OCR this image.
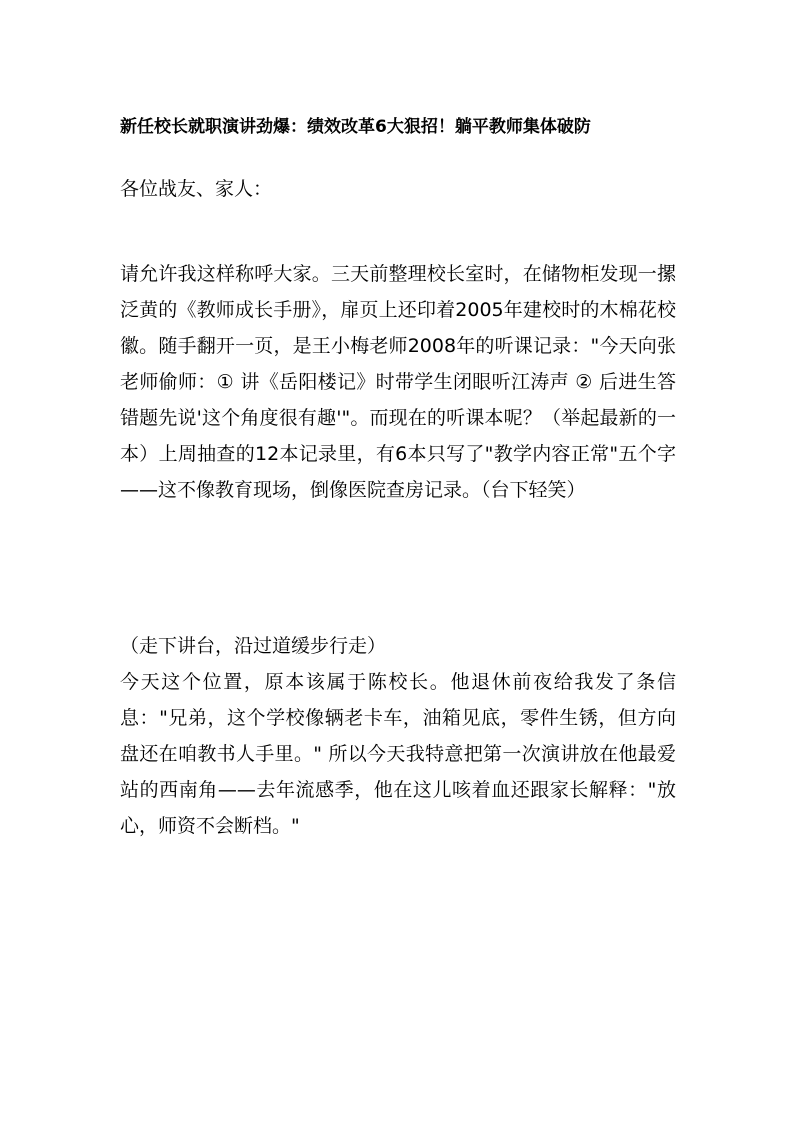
新任校长就职演讲劲爆：绩效改革6大狠招！躺平教师集体破防
各位战友、家人：
请允许我这样称呼大家。三天前整理校长室时，在储物柜发现一摞泛黄的《教师成长手册》，扉页上还印着2005年建校时的木棉花校徽。随手翻开一页，是王小梅老师2008年的听课记录："今天向张老师偷师：① 讲《岳阳楼记》时带学生闭眼听江涛声 ② 后进生答错题先说'这个角度很有趣'"。而现在的听课本呢？（举起最新的一本）上周抽查的12本记录里，有6本只写了"教学内容正常"五个字——这不像教育现场，倒像医院查房记录。（台下轻笑）
（走下讲台，沿过道缓步行走）
今天这个位置，原本该属于陈校长。他退休前夜给我发了条信息："兄弟，这个学校像辆老卡车，油箱见底，零件生锈，但方向盘还在咱教书人手里。" 所以今天我特意把第一次演讲放在他最爱站的西南角——去年流感季，他在这儿咳着血还跟家长解释："放心，师资不会断档。"
